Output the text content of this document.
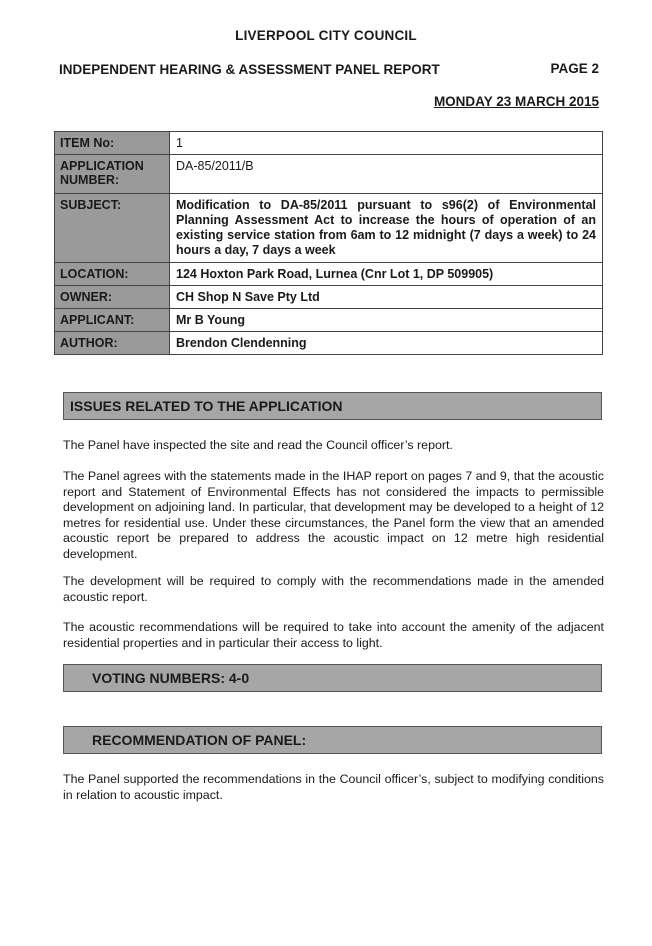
LIVERPOOL CITY COUNCIL
INDEPENDENT HEARING & ASSESSMENT PANEL REPORT	PAGE 2
MONDAY 23 MARCH 2015
ITEM No:	1
APPLICATION NUMBER:	DA-85/2011/B
SUBJECT:	Modification to DA-85/2011 pursuant to s96(2) of Environmental Planning Assessment Act to increase the hours of operation of an existing service station from 6am to 12 midnight (7 days a week) to 24 hours a day, 7 days a week
LOCATION:	124 Hoxton Park Road, Lurnea (Cnr Lot 1, DP 509905)
OWNER:	CH Shop N Save Pty Ltd
APPLICANT:	Mr B Young
AUTHOR:	Brendon Clendenning
ISSUES RELATED TO THE APPLICATION

The Panel have inspected the site and read the Council officer’s report.

The Panel agrees with the statements made in the IHAP report on pages 7 and 9, that the acoustic report and Statement of Environmental Effects has not considered the impacts to permissible development on adjoining land. In particular, that development may be developed to a height of 12 metres for residential use. Under these circumstances, the Panel form the view that an amended acoustic report be prepared to address the acoustic impact on 12 metre high residential development.

The development will be required to comply with the recommendations made in the amended acoustic report.

The acoustic recommendations will be required to take into account the amenity of the adjacent residential properties and in particular their access to light.

VOTING NUMBERS: 4-0
RECOMMENDATION OF PANEL:

The Panel supported the recommendations in the Council officer’s, subject to modifying conditions in relation to acoustic impact.
